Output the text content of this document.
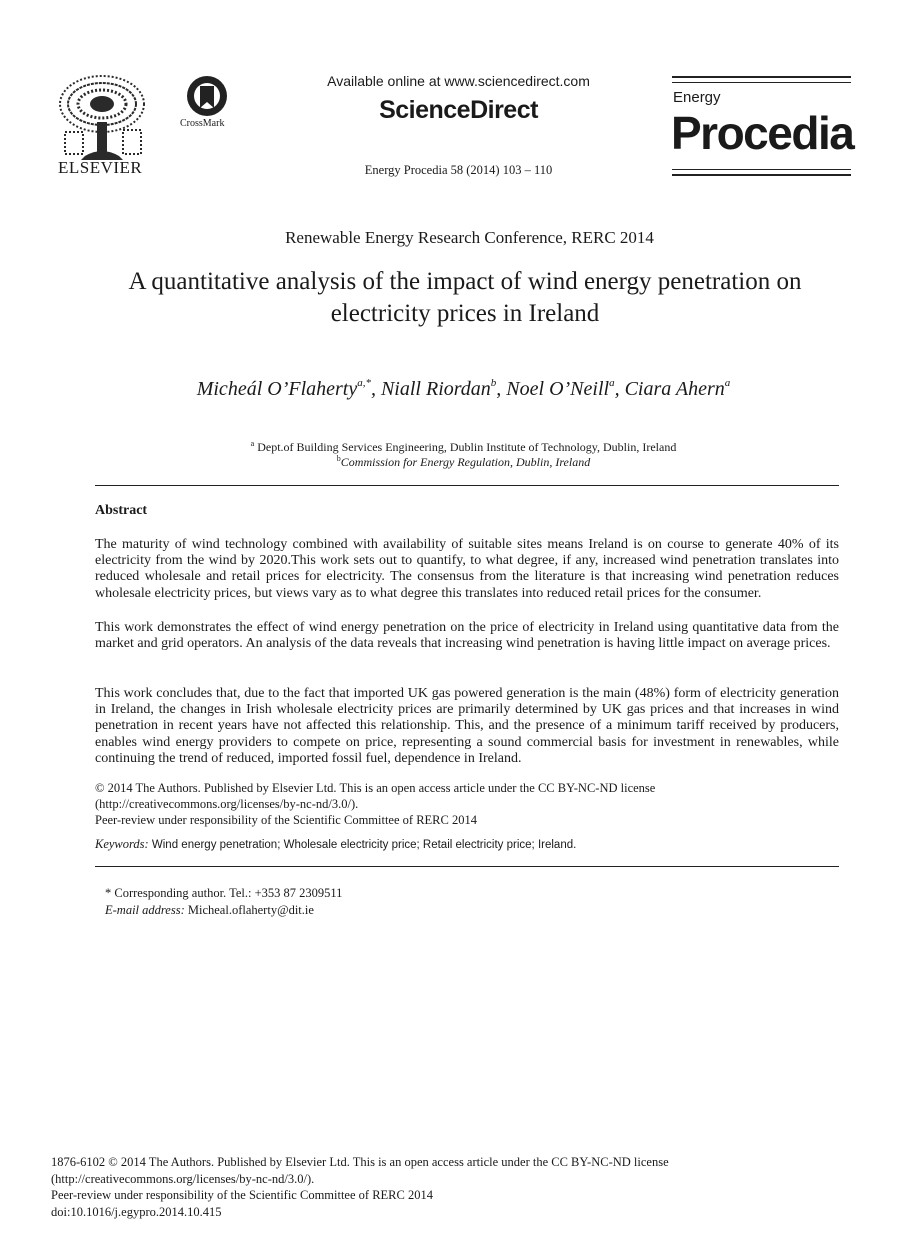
ELSEVIER
CrossMark
Available online at www.sciencedirect.com
ScienceDirect
Energy Procedia 58 (2014) 103 – 110
Energy
Procedia
Renewable Energy Research Conference, RERC 2014
A quantitative analysis of the impact of wind energy penetration on
electricity prices in Ireland
Micheál O’Flaherty$^{a,*}$, Niall Riordan$^b$, Noel O’Neill$^a$, Ciara Ahern$^a$
$^a$ Dept.of Building Services Engineering, Dublin Institute of Technology, Dublin, Ireland
$^b$Commission for Energy Regulation, Dublin, Ireland
Abstract
The maturity of wind technology combined with availability of suitable sites means Ireland is on course to generate 40% of its electricity from the wind by 2020.This work sets out to quantify, to what degree, if any, increased wind penetration translates into reduced wholesale and retail prices for electricity. The consensus from the literature is that increasing wind penetration reduces wholesale electricity prices, but views vary as to what degree this translates into reduced retail prices for the consumer.
This work demonstrates the effect of wind energy penetration on the price of electricity in Ireland using quantitative data from the market and grid operators. An analysis of the data reveals that increasing wind penetration is having little impact on average prices.
This work concludes that, due to the fact that imported UK gas powered generation is the main (48%) form of electricity generation in Ireland, the changes in Irish wholesale electricity prices are primarily determined by UK gas prices and that increases in wind penetration in recent years have not affected this relationship. This, and the presence of a minimum tariff received by producers, enables wind energy providers to compete on price, representing a sound commercial basis for investment in renewables, while continuing the trend of reduced, imported fossil fuel, dependence in Ireland.
© 2014 The Authors. Published by Elsevier Ltd. This is an open access article under the CC BY-NC-ND license
(http://creativecommons.org/licenses/by-nc-nd/3.0/).
Peer-review under responsibility of the Scientific Committee of RERC 2014
Keywords: Wind energy penetration; Wholesale electricity price; Retail electricity price; Ireland.
* Corresponding author. Tel.: +353 87 2309511
E-mail address: Micheal.oflaherty@dit.ie
1876-6102 © 2014 The Authors. Published by Elsevier Ltd. This is an open access article under the CC BY-NC-ND license
(http://creativecommons.org/licenses/by-nc-nd/3.0/).
Peer-review under responsibility of the Scientific Committee of RERC 2014
doi:10.1016/j.egypro.2014.10.415
